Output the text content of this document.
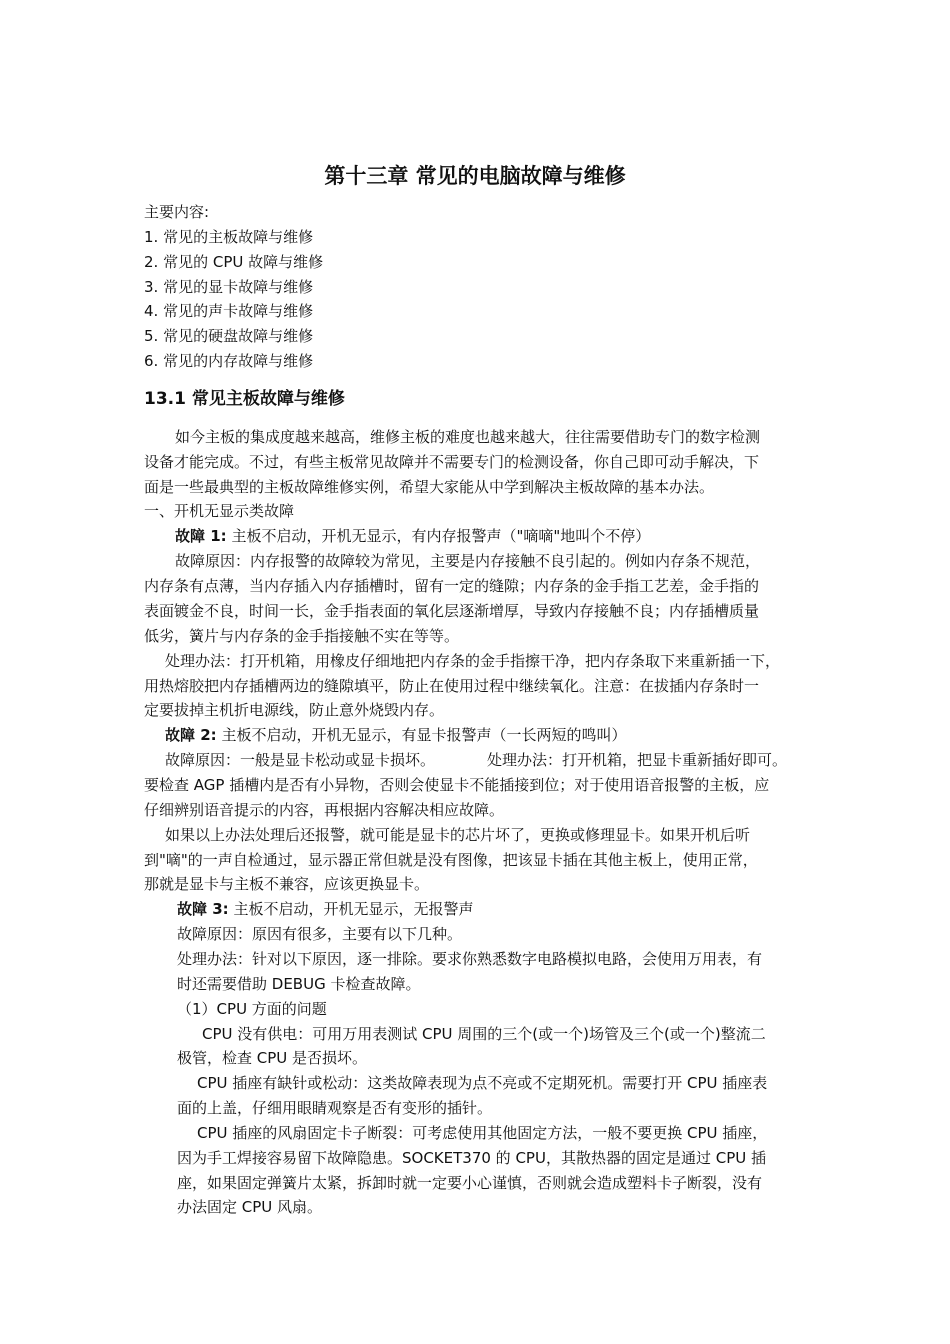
第十三章 常见的电脑故障与维修
主要内容:
1. 常见的主板故障与维修
2. 常见的 CPU 故障与维修
3. 常见的显卡故障与维修
4. 常见的声卡故障与维修
5. 常见的硬盘故障与维修
6. 常见的内存故障与维修
13.1 常见主板故障与维修
如今主板的集成度越来越高，维修主板的难度也越来越大，往往需要借助专门的数字检测
设备才能完成。不过，有些主板常见故障并不需要专门的检测设备，你自己即可动手解决，下
面是一些最典型的主板故障维修实例，希望大家能从中学到解决主板故障的基本办法。
一、开机无显示类故障
故障 1: 主板不启动，开机无显示，有内存报警声（"嘀嘀"地叫个不停）
故障原因：内存报警的故障较为常见，主要是内存接触不良引起的。例如内存条不规范，
内存条有点薄，当内存插入内存插槽时，留有一定的缝隙；内存条的金手指工艺差，金手指的
表面镀金不良，时间一长，金手指表面的氧化层逐渐增厚，导致内存接触不良；内存插槽质量
低劣，簧片与内存条的金手指接触不实在等等。
处理办法：打开机箱，用橡皮仔细地把内存条的金手指擦干净，把内存条取下来重新插一下，
用热熔胶把内存插槽两边的缝隙填平，防止在使用过程中继续氧化。注意：在拔插内存条时一
定要拔掉主机折电源线，防止意外烧毁内存。
故障 2: 主板不启动，开机无显示，有显卡报警声（一长两短的鸣叫）
故障原因：一般是显卡松动或显卡损坏。	处理办法：打开机箱，把显卡重新插好即可。
要检查 AGP 插槽内是否有小异物，否则会使显卡不能插接到位；对于使用语音报警的主板，应
仔细辨别语音提示的内容，再根据内容解决相应故障。
如果以上办法处理后还报警，就可能是显卡的芯片坏了，更换或修理显卡。如果开机后听
到"嘀"的一声自检通过，显示器正常但就是没有图像，把该显卡插在其他主板上，使用正常，
那就是显卡与主板不兼容，应该更换显卡。
故障 3: 主板不启动，开机无显示，无报警声
故障原因：原因有很多，主要有以下几种。
处理办法：针对以下原因，逐一排除。要求你熟悉数字电路模拟电路，会使用万用表，有
时还需要借助 DEBUG 卡检查故障。
（1）CPU 方面的问题
CPU 没有供电：可用万用表测试 CPU 周围的三个(或一个)场管及三个(或一个)整流二
极管，检查 CPU 是否损坏。
CPU 插座有缺针或松动：这类故障表现为点不亮或不定期死机。需要打开 CPU 插座表
面的上盖，仔细用眼睛观察是否有变形的插针。
CPU 插座的风扇固定卡子断裂：可考虑使用其他固定方法，一般不要更换 CPU 插座，
因为手工焊接容易留下故障隐患。SOCKET370 的 CPU，其散热器的固定是通过 CPU 插
座，如果固定弹簧片太紧，拆卸时就一定要小心谨慎，否则就会造成塑料卡子断裂，没有
办法固定 CPU 风扇。
